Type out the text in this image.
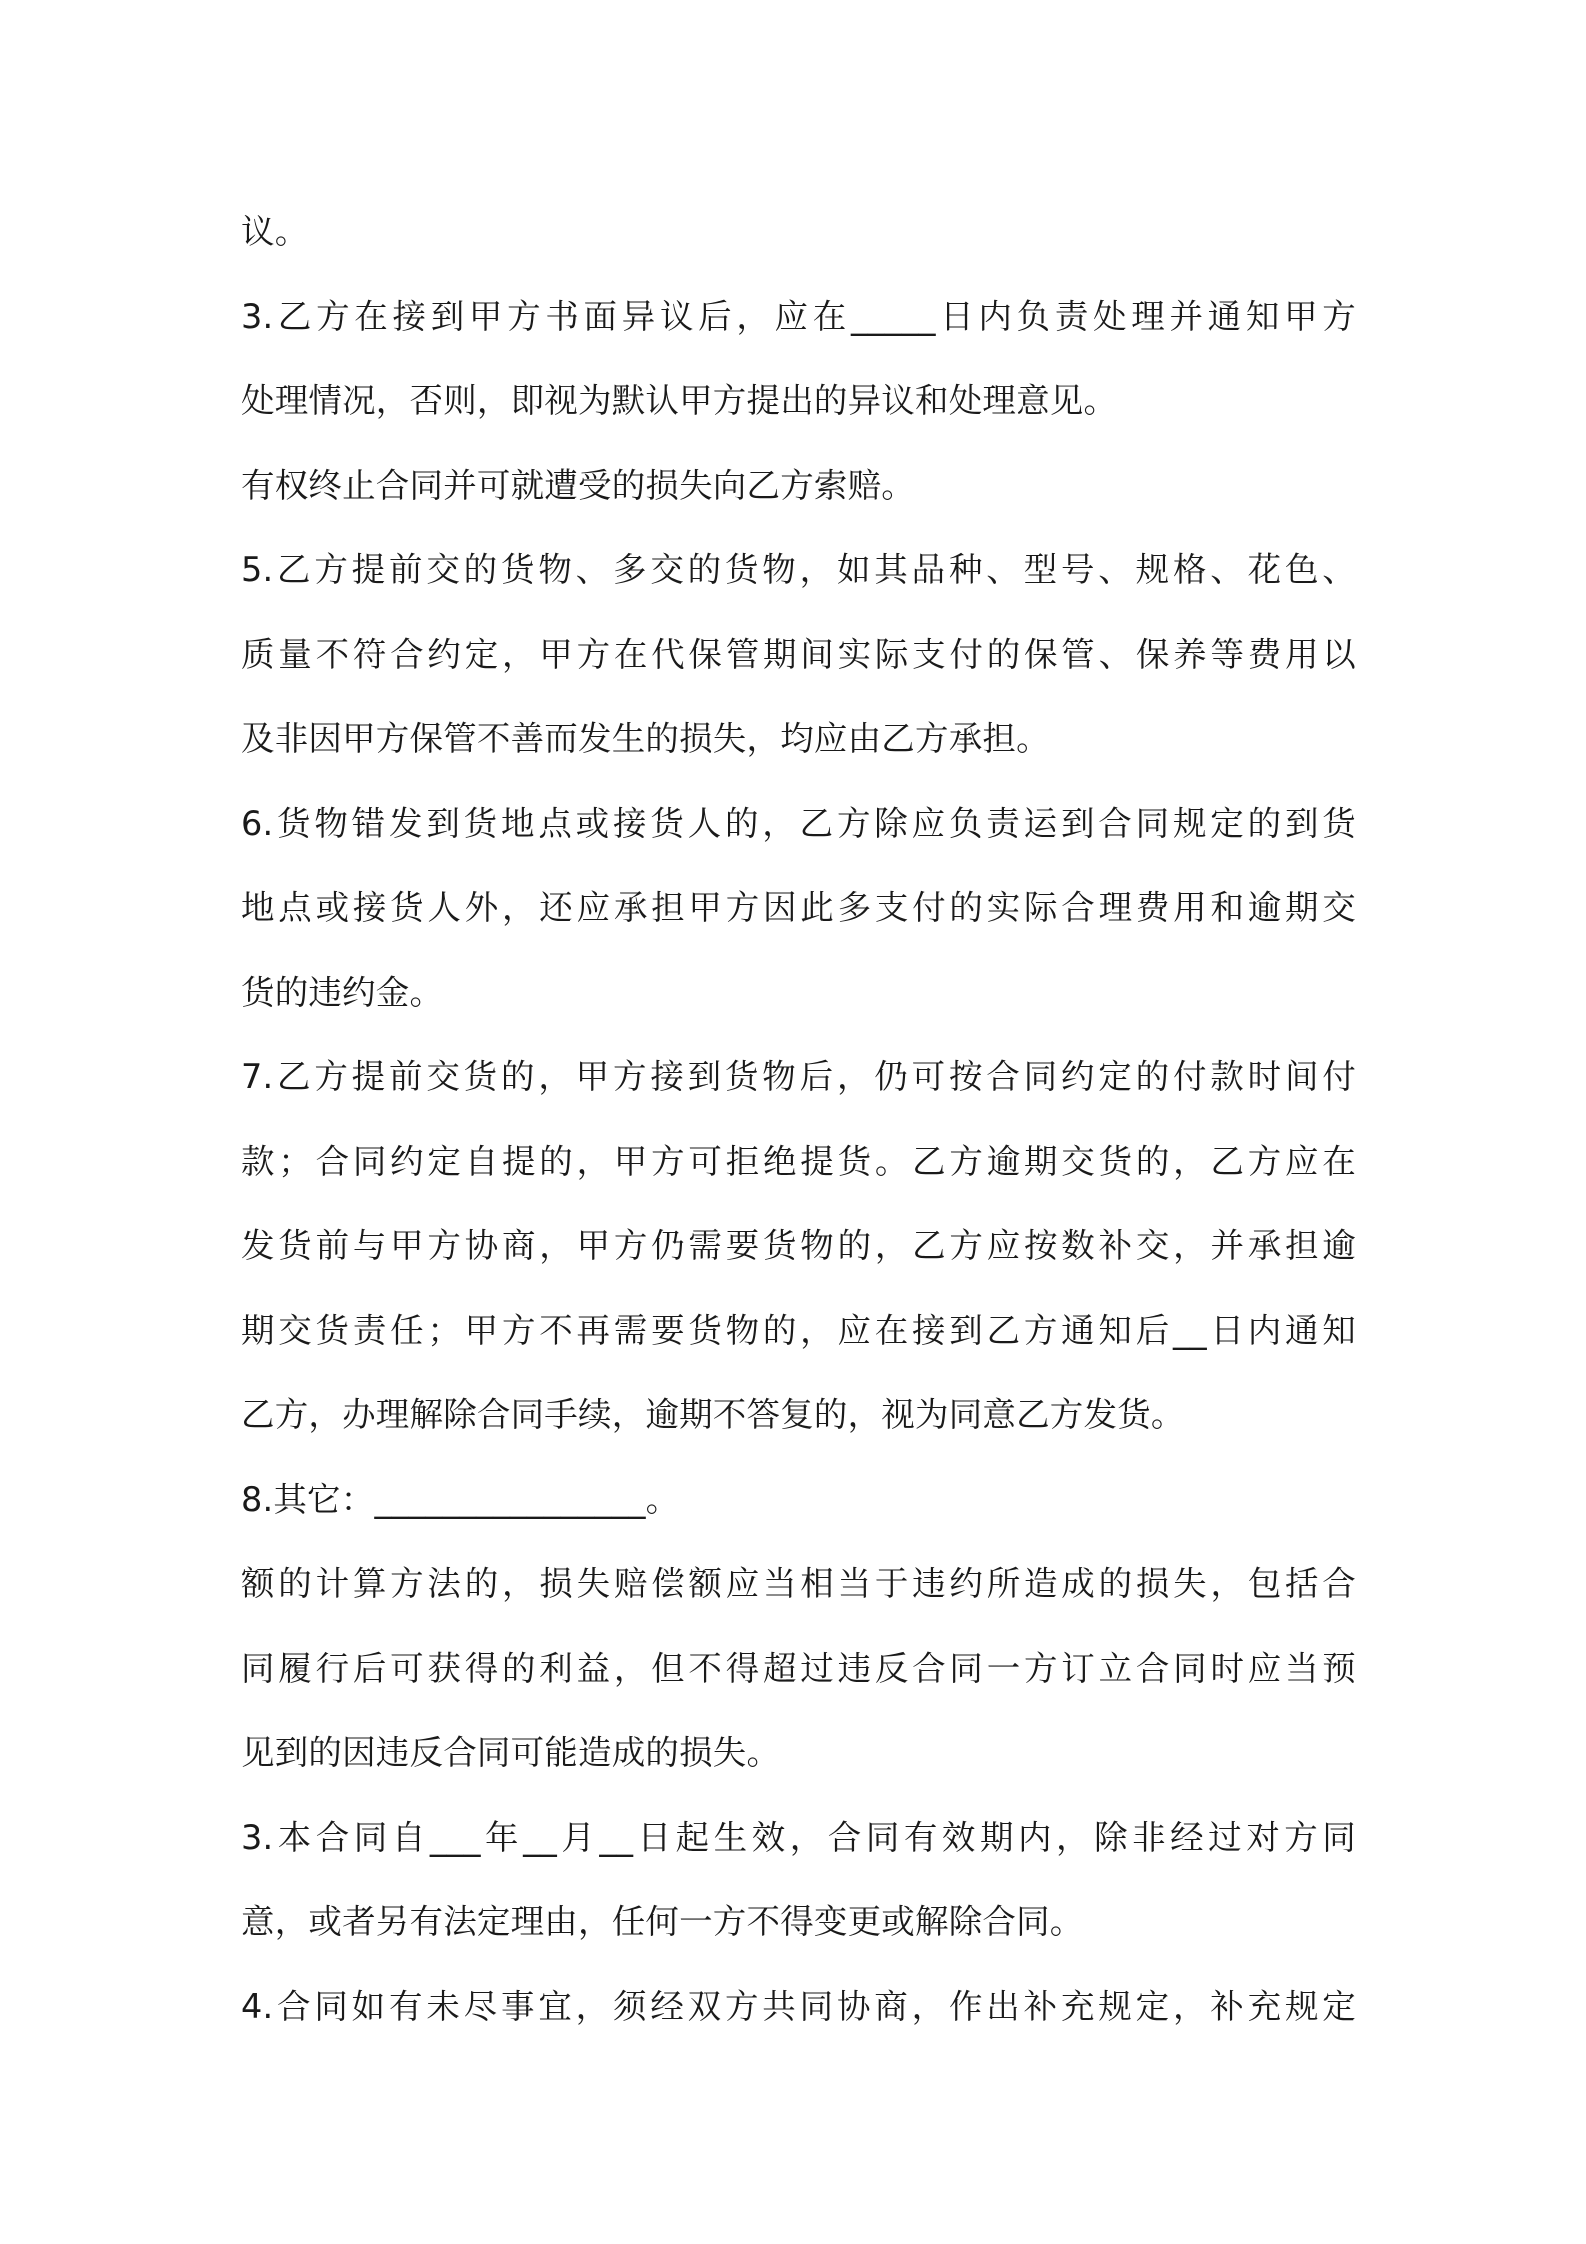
议。
3.乙方在接到甲方书面异议后，应在_____日内负责处理并通知甲方
处理情况，否则，即视为默认甲方提出的异议和处理意见。
有权终止合同并可就遭受的损失向乙方索赔。
5.乙方提前交的货物、多交的货物，如其品种、型号、规格、花色、
质量不符合约定，甲方在代保管期间实际支付的保管、保养等费用以
及非因甲方保管不善而发生的损失，均应由乙方承担。
6.货物错发到货地点或接货人的，乙方除应负责运到合同规定的到货
地点或接货人外，还应承担甲方因此多支付的实际合理费用和逾期交
货的违约金。
7.乙方提前交货的，甲方接到货物后，仍可按合同约定的付款时间付
款；合同约定自提的，甲方可拒绝提货。乙方逾期交货的，乙方应在
发货前与甲方协商，甲方仍需要货物的，乙方应按数补交，并承担逾
期交货责任；甲方不再需要货物的，应在接到乙方通知后__日内通知
乙方，办理解除合同手续，逾期不答复的，视为同意乙方发货。
8.其它：________________。
额的计算方法的，损失赔偿额应当相当于违约所造成的损失，包括合
同履行后可获得的利益，但不得超过违反合同一方订立合同时应当预
见到的因违反合同可能造成的损失。
3.本合同自___年__月__日起生效，合同有效期内，除非经过对方同
意，或者另有法定理由，任何一方不得变更或解除合同。
4.合同如有未尽事宜，须经双方共同协商，作出补充规定，补充规定
